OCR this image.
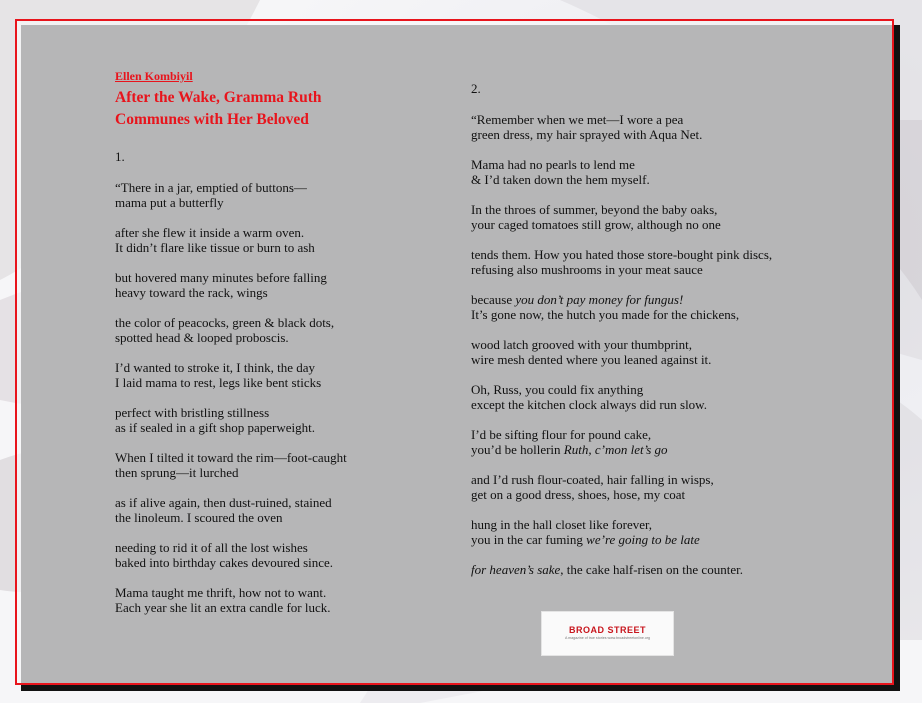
Ellen Kombiyil
After the Wake, Gramma Ruth
Communes with Her Beloved
1.
“There in a jar, emptied of buttons—
mama put a butterfly
after she flew it inside a warm oven.
It didn’t flare like tissue or burn to ash
but hovered many minutes before falling
heavy toward the rack, wings
the color of peacocks, green & black dots,
spotted head & looped proboscis.
I’d wanted to stroke it, I think, the day
I laid mama to rest, legs like bent sticks
perfect with bristling stillness
as if sealed in a gift shop paperweight.
When I tilted it toward the rim—foot-caught
then sprung—it lurched
as if alive again, then dust-ruined, stained
the linoleum. I scoured the oven
needing to rid it of all the lost wishes
baked into birthday cakes devoured since.
Mama taught me thrift, how not to want.
Each year she lit an extra candle for luck.
2.
“Remember when we met—I wore a pea
green dress, my hair sprayed with Aqua Net.
Mama had no pearls to lend me
& I’d taken down the hem myself.
In the throes of summer, beyond the baby oaks,
your caged tomatoes still grow, although no one
tends them. How you hated those store-bought pink discs,
refusing also mushrooms in your meat sauce
because you don’t pay money for fungus!
It’s gone now, the hutch you made for the chickens,
wood latch grooved with your thumbprint,
wire mesh dented where you leaned against it.
Oh, Russ, you could fix anything
except the kitchen clock always did run slow.
I’d be sifting flour for pound cake,
you’d be hollerin Ruth, c’mon let’s go
and I’d rush flour-coated, hair falling in wisps,
get on a good dress, shoes, hose, my coat
hung in the hall closet like forever,
you in the car fuming we’re going to be late
for heaven’s sake, the cake half-risen on the counter.
BROAD STREET
A magazine of true stories www.broadstreetonline.org
